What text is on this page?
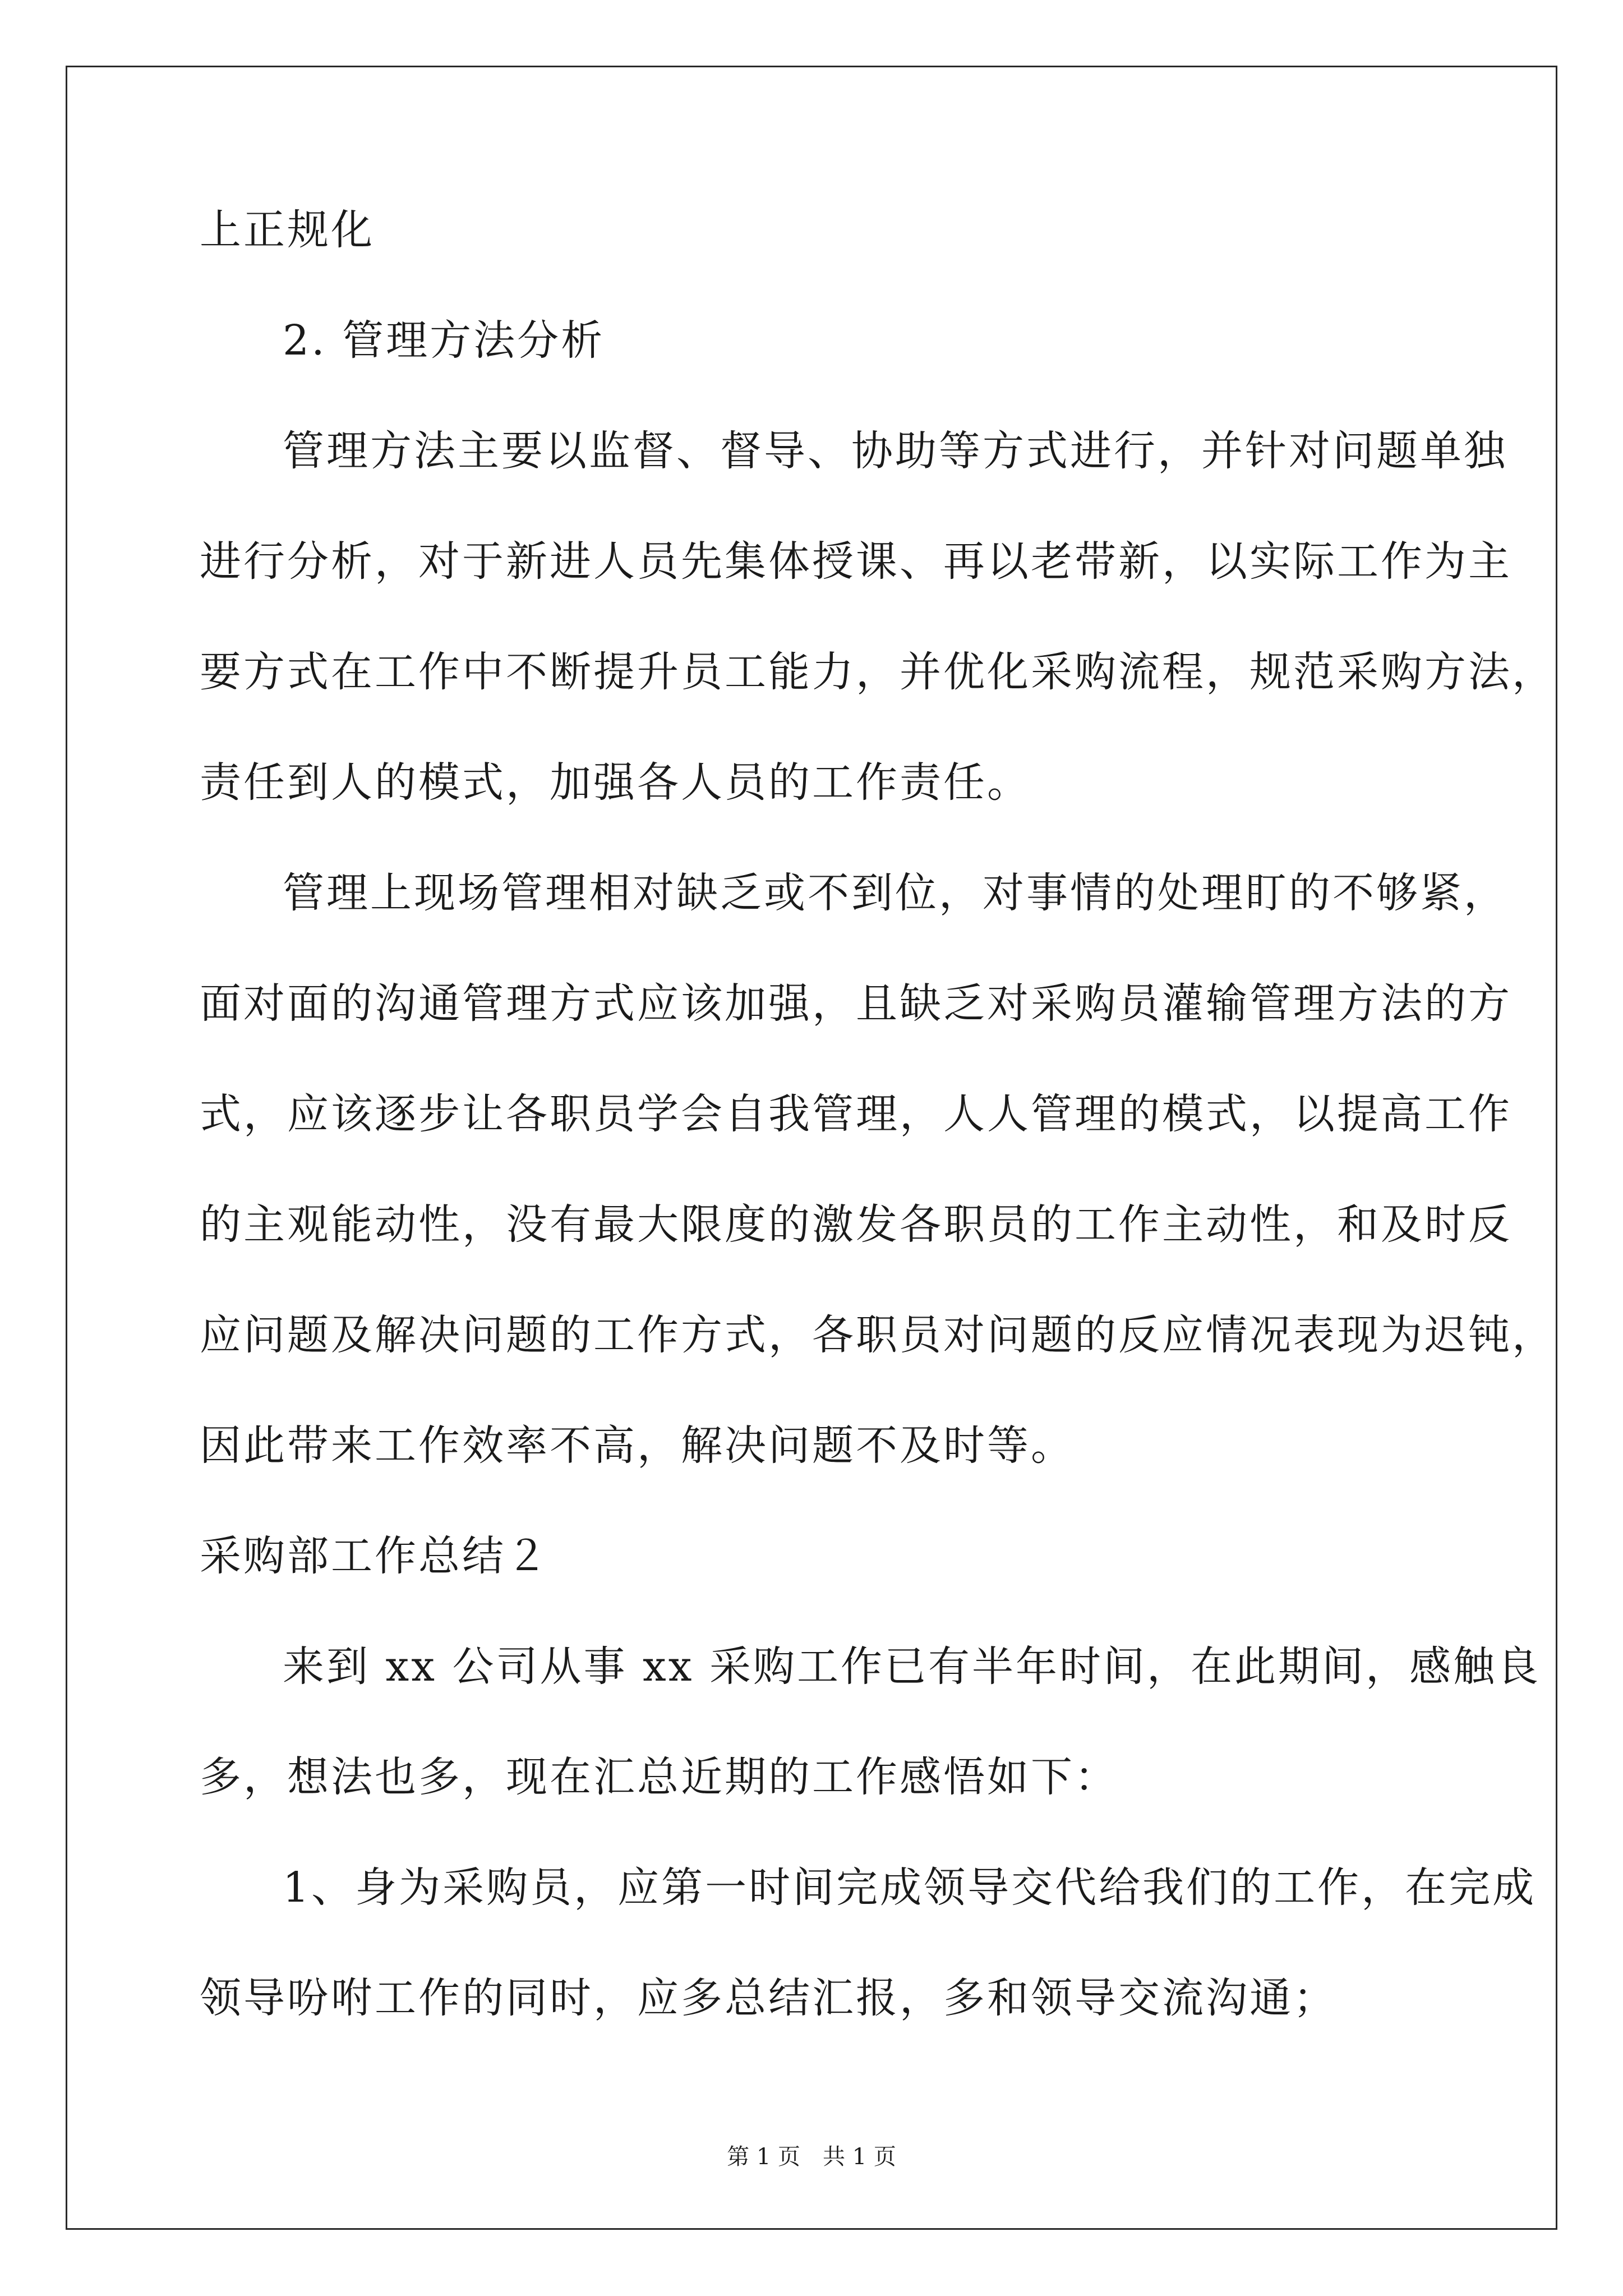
上正规化
2. 管理方法分析
管理方法主要以监督、督导、协助等方式进行，并针对问题单独
进行分析，对于新进人员先集体授课、再以老带新，以实际工作为主
要方式在工作中不断提升员工能力，并优化采购流程，规范采购方法，
责任到人的模式，加强各人员的工作责任。
管理上现场管理相对缺乏或不到位，对事情的处理盯的不够紧，
面对面的沟通管理方式应该加强，且缺乏对采购员灌输管理方法的方
式，应该逐步让各职员学会自我管理，人人管理的模式，以提高工作
的主观能动性，没有最大限度的激发各职员的工作主动性，和及时反
应问题及解决问题的工作方式，各职员对问题的反应情况表现为迟钝，
因此带来工作效率不高，解决问题不及时等。
采购部工作总结２
来到 xx 公司从事 xx 采购工作已有半年时间，在此期间，感触良
多，想法也多，现在汇总近期的工作感悟如下：
1、身为采购员，应第一时间完成领导交代给我们的工作，在完成
领导吩咐工作的同时，应多总结汇报，多和领导交流沟通；
第 1 页　共 1 页
